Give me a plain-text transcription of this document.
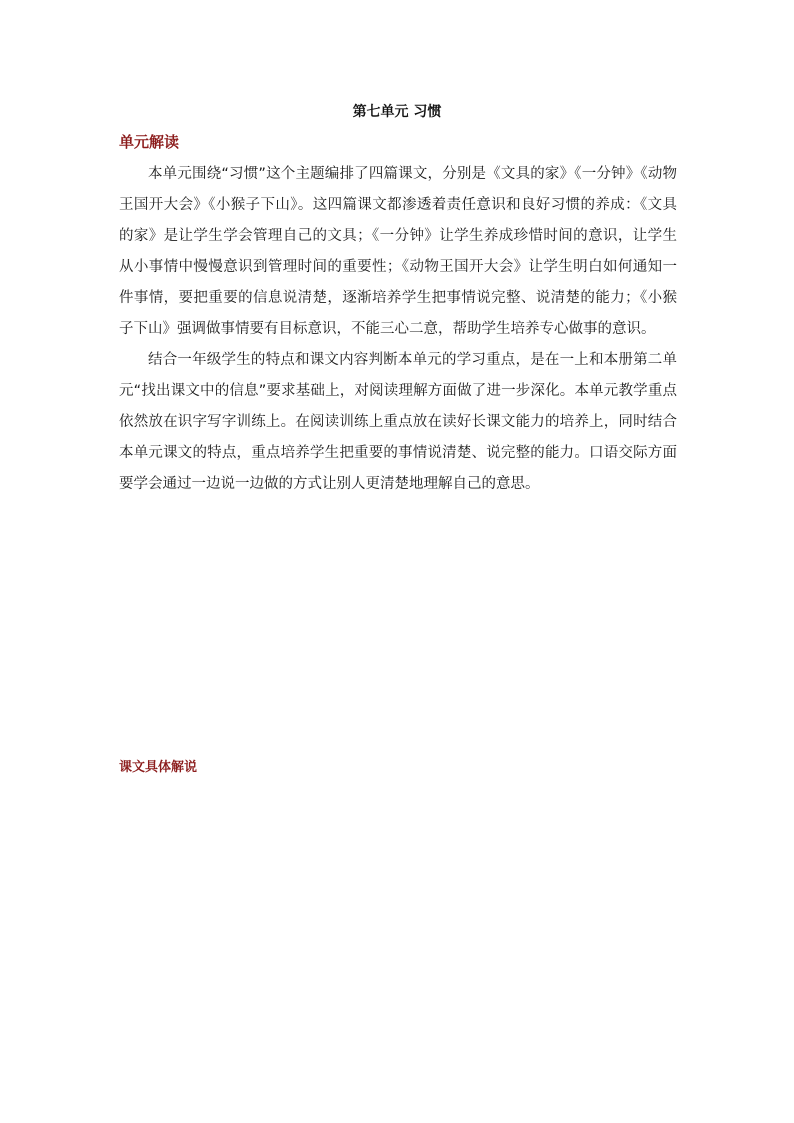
第七单元 习惯
单元解读

本单元围绕“习惯”这个主题编排了四篇课文，分别是《文具的家》《一分钟》《动物王国开大会》《小猴子下山》。这四篇课文都渗透着责任意识和良好习惯的养成：《文具的家》是让学生学会管理自己的文具；《一分钟》让学生养成珍惜时间的意识，让学生从小事情中慢慢意识到管理时间的重要性；《动物王国开大会》让学生明白如何通知一件事情，要把重要的信息说清楚，逐渐培养学生把事情说完整、说清楚的能力；《小猴子下山》强调做事情要有目标意识，不能三心二意，帮助学生培养专心做事的意识。

结合一年级学生的特点和课文内容判断本单元的学习重点，是在一上和本册第二单元“找出课文中的信息”要求基础上，对阅读理解方面做了进一步深化。本单元教学重点依然放在识字写字训练上。在阅读训练上重点放在读好长课文能力的培养上，同时结合本单元课文的特点，重点培养学生把重要的事情说清楚、说完整的能力。口语交际方面要学会通过一边说一边做的方式让别人更清楚地理解自己的意思。

课文具体解说
